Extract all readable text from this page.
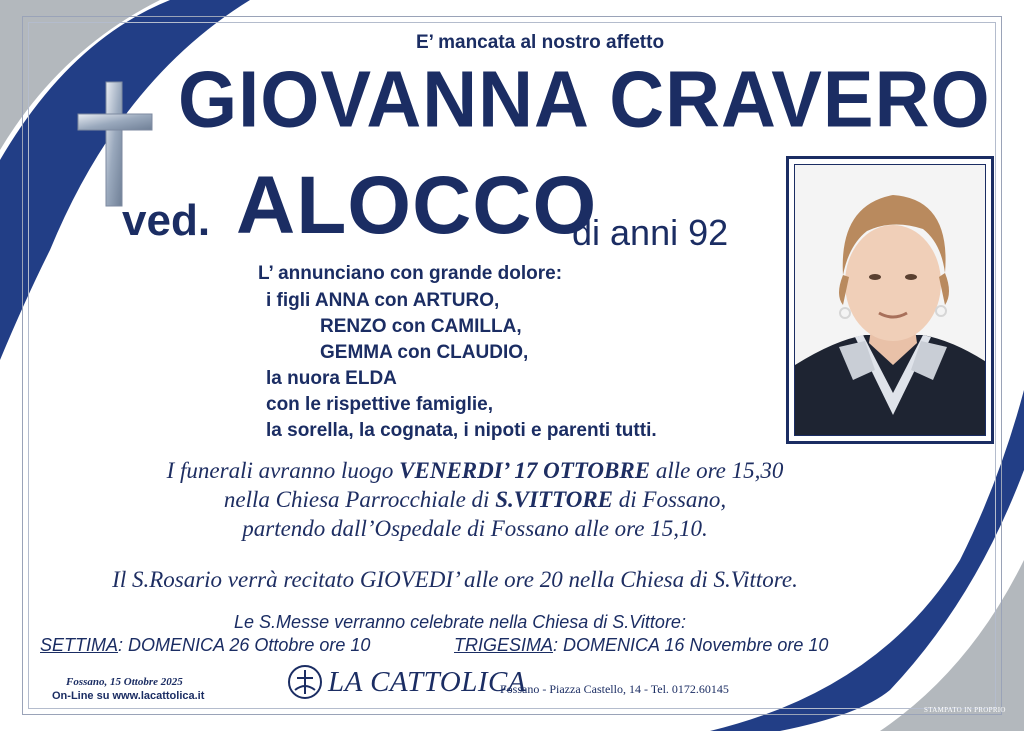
E’ mancata al nostro affetto
GIOVANNA CRAVERO
ved. ALOCCO
di anni 92
L’ annunciano con grande dolore:
i figli ANNA con ARTURO,
RENZO con CAMILLA,
GEMMA con CLAUDIO,
la nuora ELDA
con le rispettive famiglie,
la sorella, la cognata, i nipoti e parenti tutti.
I funerali avranno luogo VENERDI’ 17 OTTOBRE alle ore 15,30
nella Chiesa Parrocchiale di S.VITTORE di Fossano,
partendo dall’Ospedale di Fossano alle ore 15,10.
Il S.Rosario verrà recitato GIOVEDI’ alle ore 20 nella Chiesa di S.Vittore.
Le S.Messe verranno celebrate nella Chiesa di S.Vittore:
SETTIMA: DOMENICA 26 Ottobre ore 10	TRIGESIMA: DOMENICA 16 Novembre ore 10
Fossano, 15 Ottobre 2025
On-Line su www.lacattolica.it	LA CATTOLICA
Fossano - Piazza Castello, 14 - Tel. 0172.60145
STAMPATO IN PROPRIO
